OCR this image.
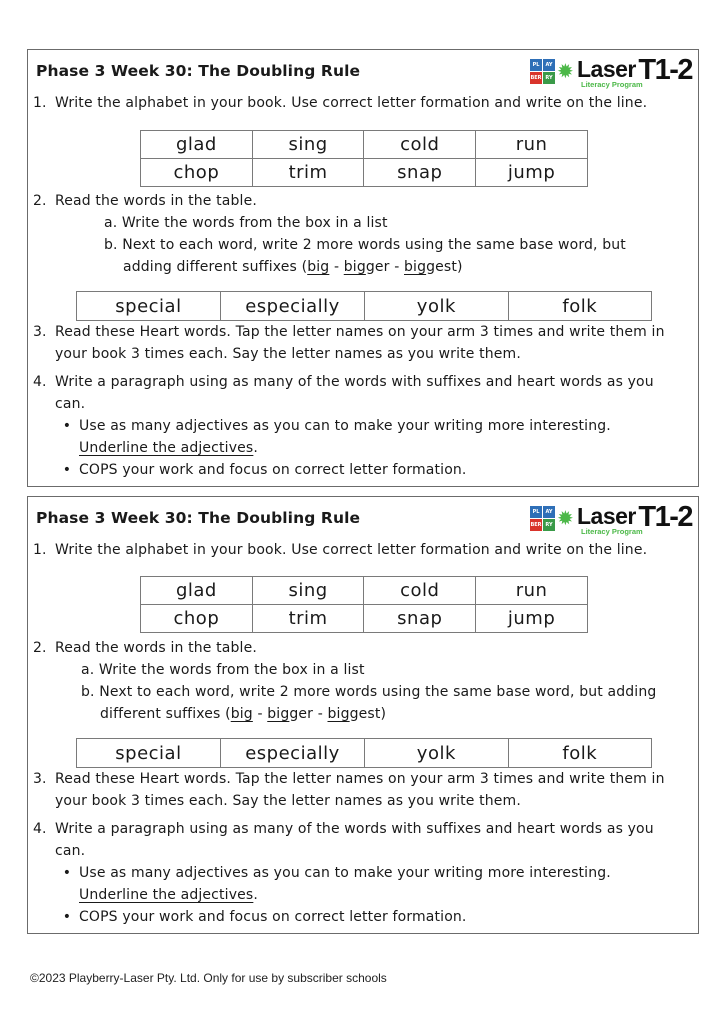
Phase 3 Week 30: The Doubling Rule	PL	AY
BER RY ✹ Laser
Literacy Program
T1-2
1. Write the alphabet in your book. Use correct letter formation and write on the line.
glad	sing	cold	run
chop	trim	snap	jump
2. Read the words in the table.
a. Write the words from the box in a list
b. Next to each word, write 2 more words using the same base word, but
adding different suffixes (big - bigger - biggest)
special	especially	yolk	folk
3. Read these Heart words. Tap the letter names on your arm 3 times and write them in
your book 3 times each. Say the letter names as you write them.
4. Write a paragraph using as many of the words with suffixes and heart words as you
can.
• Use as many adjectives as you can to make your writing more interesting.
Underline the adjectives.
• COPS your work and focus on correct letter formation.
Phase 3 Week 30: The Doubling Rule	PL	AY
BER RY ✹ Laser
Literacy Program
T1-2
1. Write the alphabet in your book. Use correct letter formation and write on the line.
glad	sing	cold	run
chop	trim	snap	jump
2. Read the words in the table.
a. Write the words from the box in a list
b. Next to each word, write 2 more words using the same base word, but adding
different suffixes (big - bigger - biggest)
special	especially	yolk	folk
3. Read these Heart words. Tap the letter names on your arm 3 times and write them in
your book 3 times each. Say the letter names as you write them.
4. Write a paragraph using as many of the words with suffixes and heart words as you
can.
• Use as many adjectives as you can to make your writing more interesting.
Underline the adjectives.
• COPS your work and focus on correct letter formation.
©2023 Playberry-Laser Pty. Ltd. Only for use by subscriber schools
